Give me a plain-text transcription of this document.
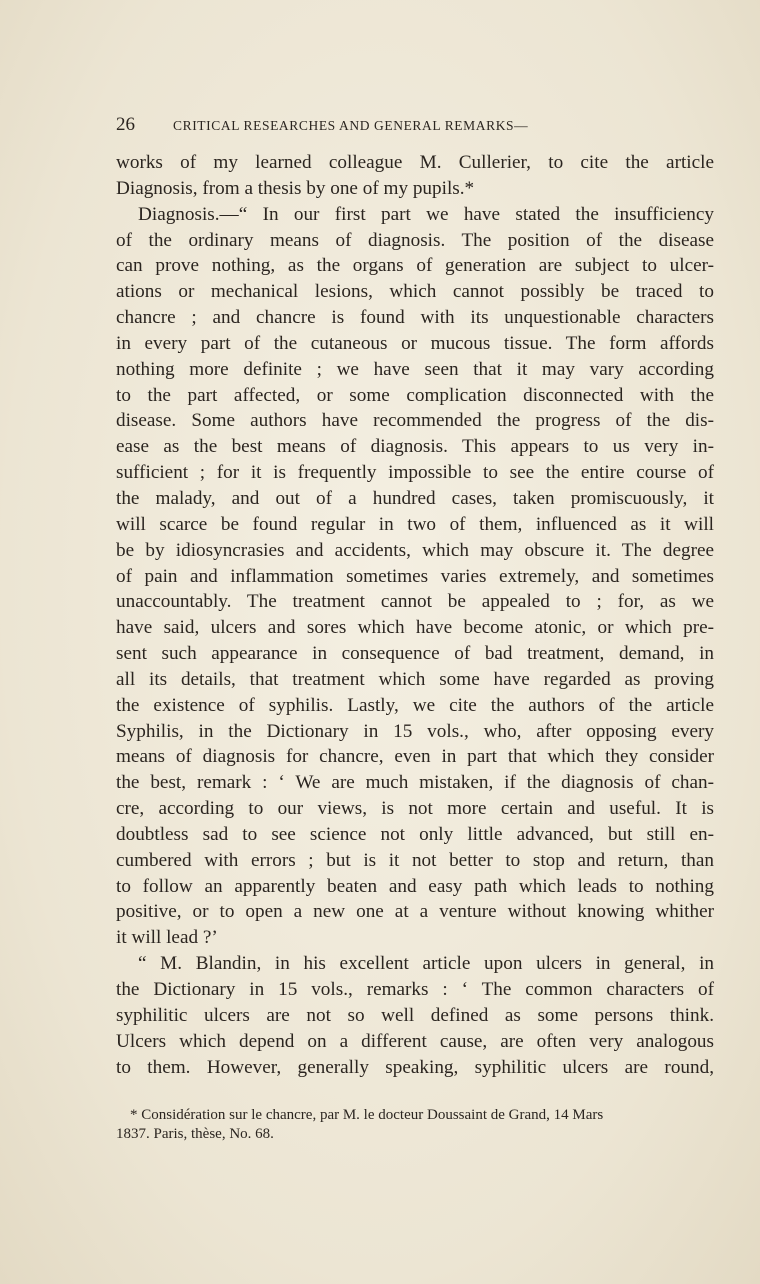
26	CRITICAL RESEARCHES AND GENERAL REMARKS—
works of my learned colleague M. Cullerier, to cite the article
Diagnosis, from a thesis by one of my pupils.*
Diagnosis.—“ In our first part we have stated the insufficiency
of the ordinary means of diagnosis. The position of the disease
can prove nothing, as the organs of generation are subject to ulcer-
ations or mechanical lesions, which cannot possibly be traced to
chancre ; and chancre is found with its unquestionable characters
in every part of the cutaneous or mucous tissue. The form affords
nothing more definite ; we have seen that it may vary according
to the part affected, or some complication disconnected with the
disease. Some authors have recommended the progress of the dis-
ease as the best means of diagnosis. This appears to us very in-
sufficient ; for it is frequently impossible to see the entire course of
the malady, and out of a hundred cases, taken promiscuously, it
will scarce be found regular in two of them, influenced as it will
be by idiosyncrasies and accidents, which may obscure it. The degree
of pain and inflammation sometimes varies extremely, and sometimes
unaccountably. The treatment cannot be appealed to ; for, as we
have said, ulcers and sores which have become atonic, or which pre-
sent such appearance in consequence of bad treatment, demand, in
all its details, that treatment which some have regarded as proving
the existence of syphilis. Lastly, we cite the authors of the article
Syphilis, in the Dictionary in 15 vols., who, after opposing every
means of diagnosis for chancre, even in part that which they consider
the best, remark : ‘ We are much mistaken, if the diagnosis of chan-
cre, according to our views, is not more certain and useful. It is
doubtless sad to see science not only little advanced, but still en-
cumbered with errors ; but is it not better to stop and return, than
to follow an apparently beaten and easy path which leads to nothing
positive, or to open a new one at a venture without knowing whither
it will lead ?’
“ M. Blandin, in his excellent article upon ulcers in general, in
the Dictionary in 15 vols., remarks : ‘ The common characters of
syphilitic ulcers are not so well defined as some persons think.
Ulcers which depend on a different cause, are often very analogous
to them. However, generally speaking, syphilitic ulcers are round,
* Considération sur le chancre, par M. le docteur Doussaint de Grand, 14 Mars
1837. Paris, thèse, No. 68.
